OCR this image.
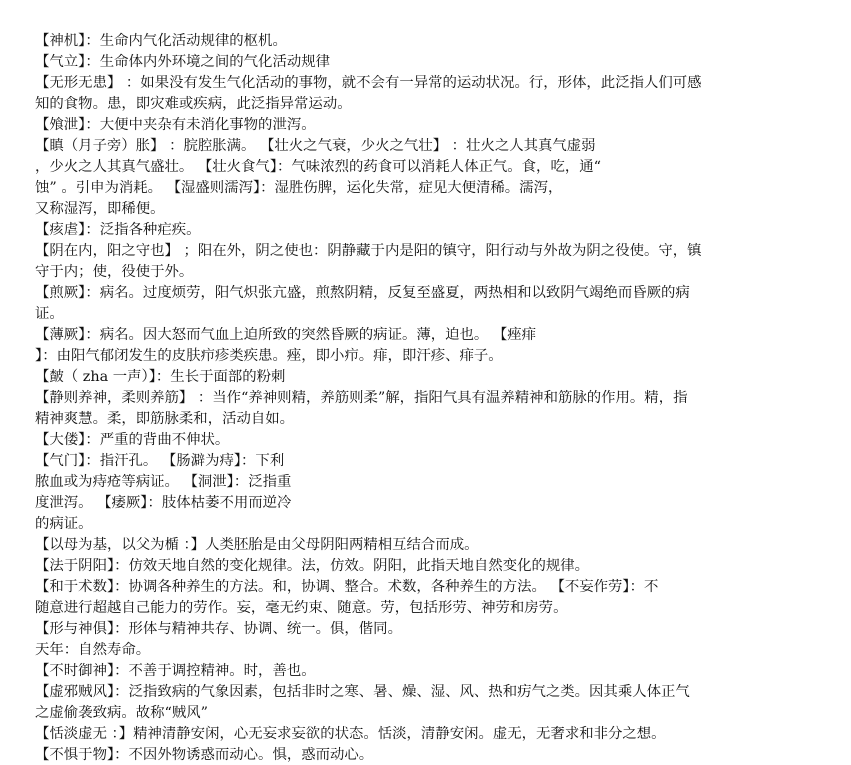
【神机】：生命内气化活动规律的枢机。
【气立】：生命体内外环境之间的气化活动规律
【无形无患】 ：如果没有发生气化活动的事物，就不会有一异常的运动状况。行，形体，此泛指人们可感
知的食物。患，即灾难或疾病，此泛指异常运动。
【飧泄】：大便中夹杂有未消化事物的泄泻。
【瞋（月子旁）胀】 ：脘腔胀满。 【壮火之气衰，少火之气壮】 ：壮火之人其真气虚弱
，少火之人其真气盛壮。 【壮火食气】：气味浓烈的药食可以消耗人体正气。食，吃，通“
蚀” 。引申为消耗。 【湿盛则濡泻】：湿胜伤脾，运化失常，症见大便清稀。濡泻，
又称湿泻，即稀便。
【痎虐】：泛指各种疟疾。
【阴在内，阳之守也】 ；阳在外，阴之使也：阴静藏于内是阳的镇守，阳行动与外故为阴之役使。守，镇
守于内；使，役使于外。
【煎厥】：病名。过度烦劳，阳气炽张亢盛，煎熬阴精，反复至盛夏，两热相和以致阴气竭绝而昏厥的病
证。
【薄厥】：病名。因大怒而气血上迫所致的突然昏厥的病证。薄，迫也。 【痤痱
】：由阳气郁闭发生的皮肤疖疹类疾患。痤，即小疖。痱，即汗疹、痱子。
【皶（ zha 一声）】：生长于面部的粉刺
【静则养神，柔则养筋】 ：当作“养神则精，养筋则柔”解，指阳气具有温养精神和筋脉的作用。精，指
精神爽慧。柔，即筋脉柔和，活动自如。
【大偻】：严重的背曲不伸状。
【气门】：指汗孔。 【肠澼为痔】：下利
脓血或为痔疮等病证。 【洞泄】：泛指重
度泄泻。 【痿厥】：肢体枯萎不用而逆冷
的病证。
【以母为基，以父为楯 ：】人类胚胎是由父母阴阳两精相互结合而成。
【法于阴阳】：仿效天地自然的变化规律。法，仿效。阴阳，此指天地自然变化的规律。
【和于术数】：协调各种养生的方法。和，协调、整合。术数，各种养生的方法。 【不妄作劳】：不
随意进行超越自己能力的劳作。妄，毫无约束、随意。劳，包括形劳、神劳和房劳。
【形与神俱】：形体与精神共存、协调、统一。俱，偕同。
天年：自然寿命。
【不时御神】：不善于调控精神。时，善也。
【虚邪贼风】：泛指致病的气象因素，包括非时之寒、暑、燥、湿、风、热和疠气之类。因其乘人体正气
之虚偷袭致病。故称“贼风”
【恬淡虚无 ：】精神清静安闲，心无妄求妄欲的状态。恬淡，清静安闲。虚无，无奢求和非分之想。
【不惧于物】：不因外物诱惑而动心。惧，惑而动心。
